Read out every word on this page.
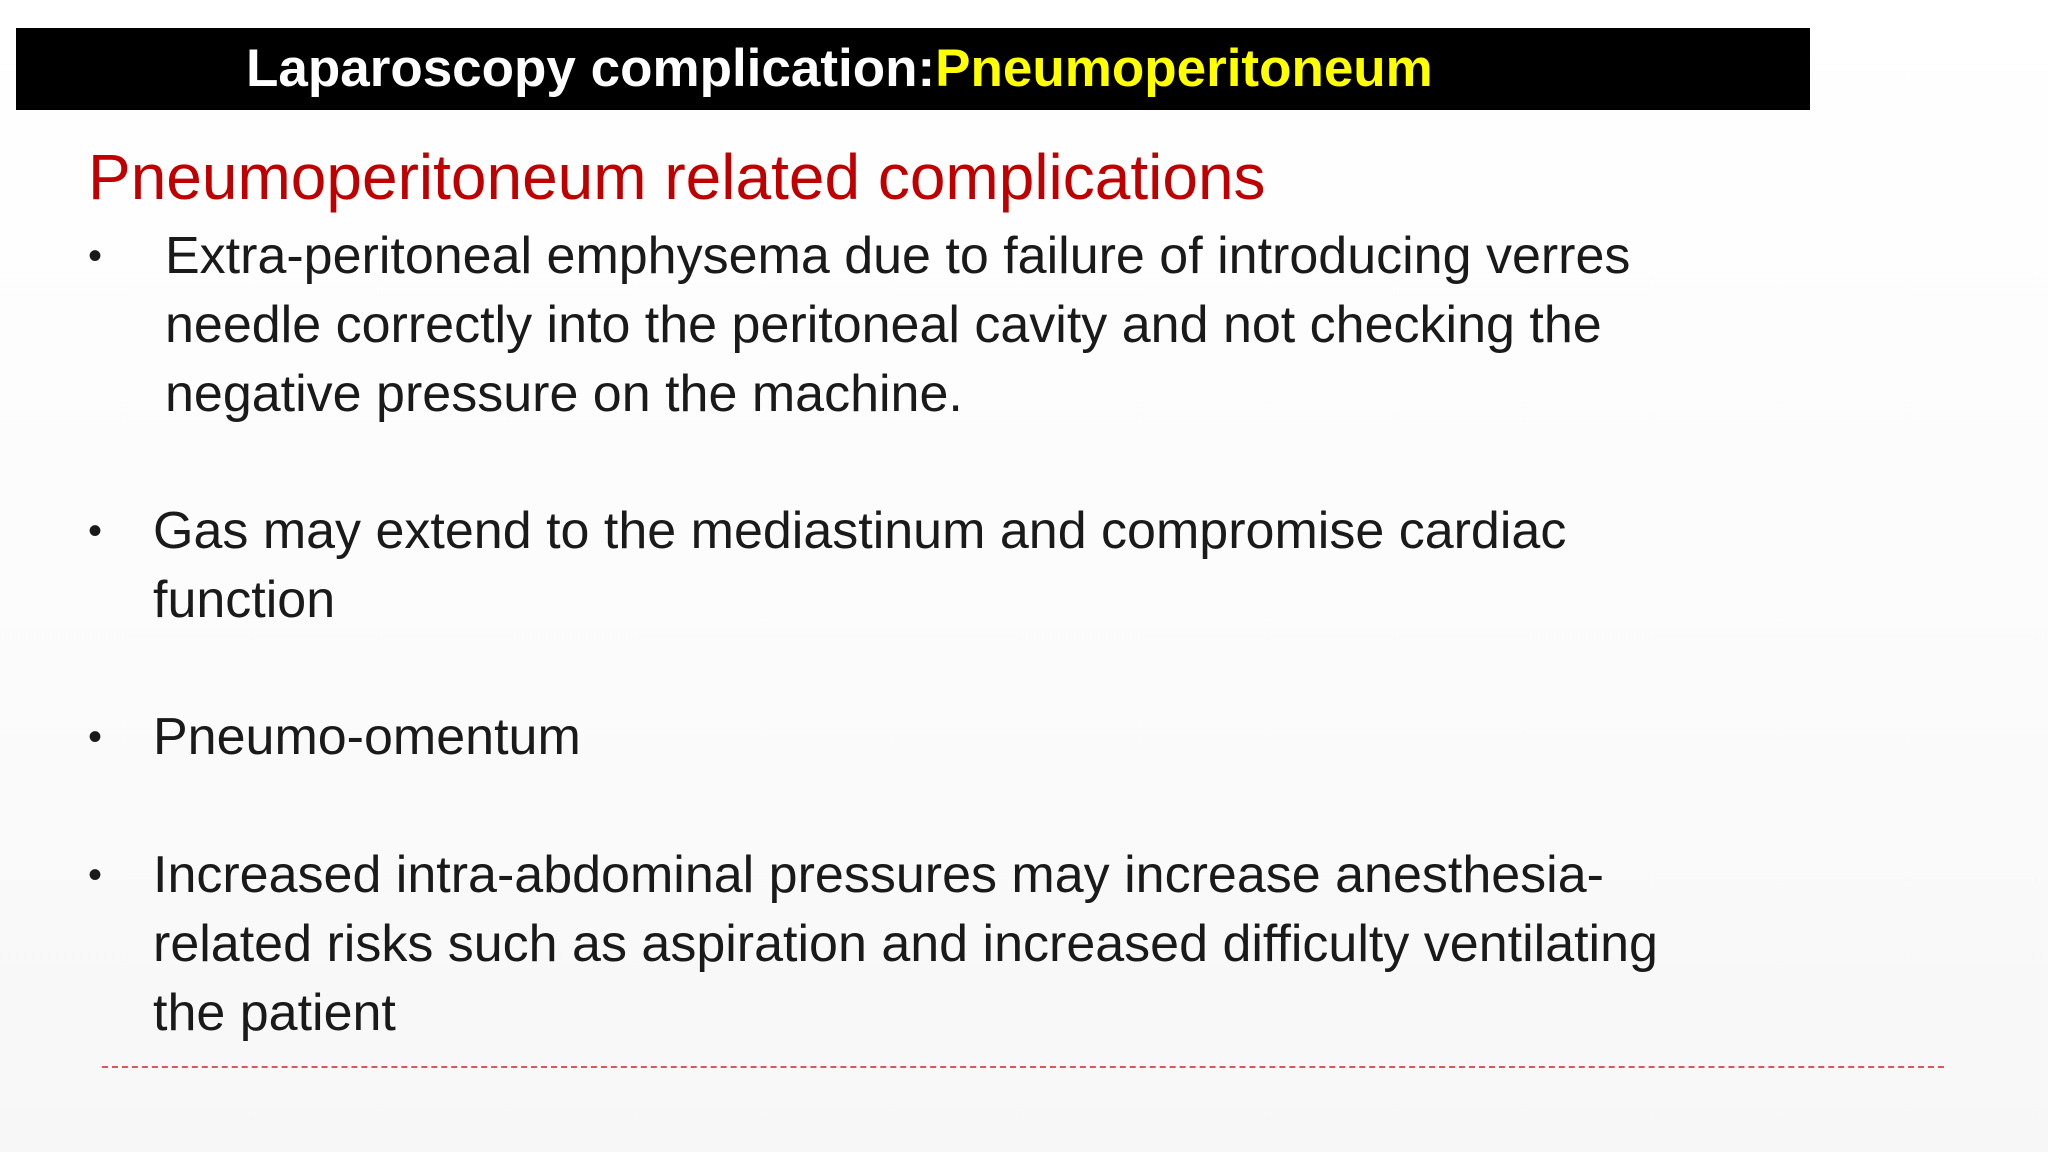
Laparoscopy complication:Pneumoperitoneum
Pneumoperitoneum related complications
• Extra-peritoneal emphysema due to failure of introducing verres
needle correctly into the peritoneal cavity and not checking the
negative pressure on the machine.
• Gas may extend to the mediastinum and compromise cardiac
function
• Pneumo-omentum
• Increased intra-abdominal pressures may increase anesthesia-
related risks such as aspiration and increased difficulty ventilating
the patient
